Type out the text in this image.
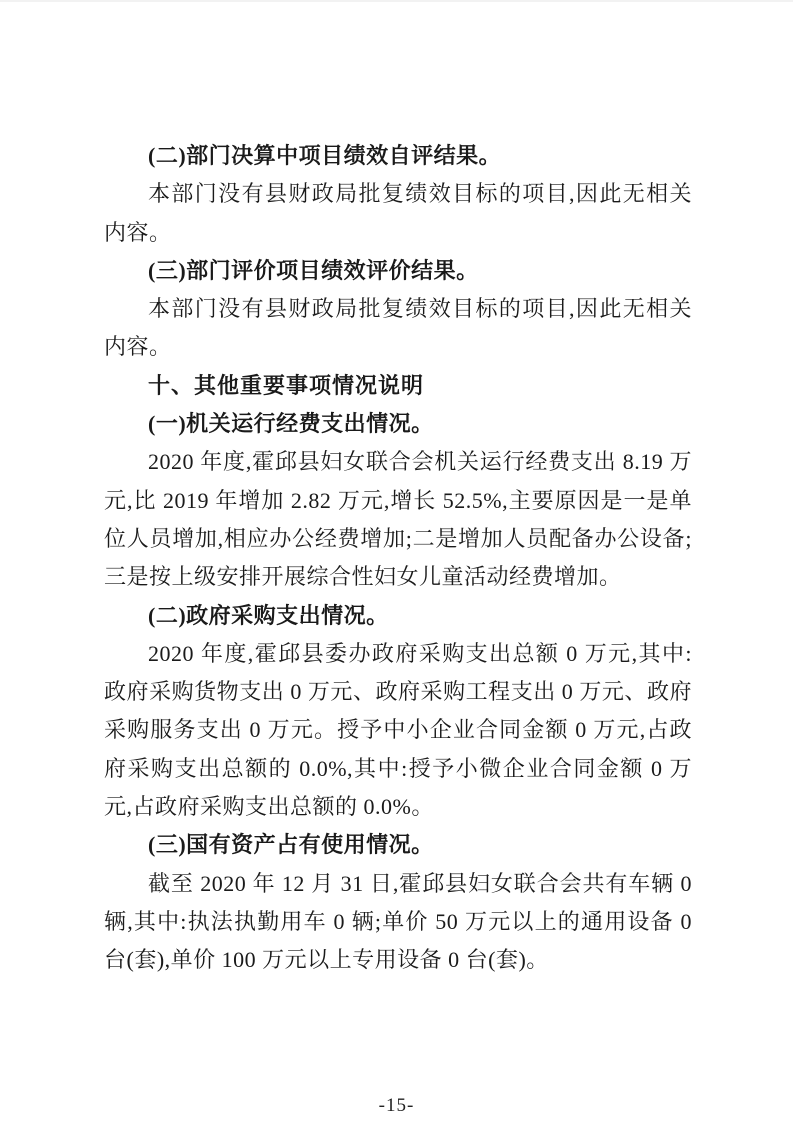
(二)部门决算中项目绩效自评结果。

本部门没有县财政局批复绩效目标的项目,因此无相关内容。

(三)部门评价项目绩效评价结果。

本部门没有县财政局批复绩效目标的项目,因此无相关内容。

十、其他重要事项情况说明

(一)机关运行经费支出情况。

2020 年度,霍邱县妇女联合会机关运行经费支出 8.19 万元,比 2019 年增加 2.82 万元,增长 52.5%,主要原因是一是单位人员增加,相应办公经费增加;二是增加人员配备办公设备;三是按上级安排开展综合性妇女儿童活动经费增加。

(二)政府采购支出情况。

2020 年度,霍邱县委办政府采购支出总额 0 万元,其中:政府采购货物支出 0 万元、政府采购工程支出 0 万元、政府采购服务支出 0 万元。授予中小企业合同金额 0 万元,占政府采购支出总额的 0.0%,其中:授予小微企业合同金额 0 万元,占政府采购支出总额的 0.0%。

(三)国有资产占有使用情况。

截至 2020 年 12 月 31 日,霍邱县妇女联合会共有车辆 0 辆,其中:执法执勤用车 0 辆;单价 50 万元以上的通用设备 0 台(套),单价 100 万元以上专用设备 0 台(套)。

-15-
